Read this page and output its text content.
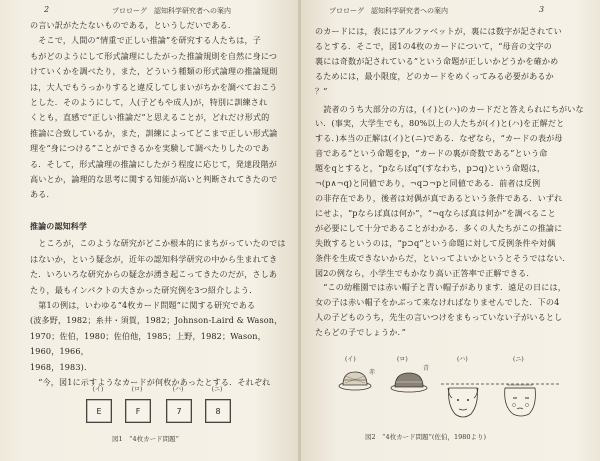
2	プロローグ　認知科学研究者への案内
の言い訳がたたないものである，というしだいである．
　そこで，人間の“情重で正しい推論”を研究する人たちは，子
もがどのようにして形式論理にしたがった推論規則を自然に身につ
けていくかを調べたり，また，どういう種類の形式論理の推論規則
は，大人でもうっかりすると違反してしまいがちかを調べておこう
とした．そのようにして，人(子どもや成人)が，特別に訓練され
くとも，直感で“正しい推論だ”と思えることが，どれだけ形式的
推論に合致しているか，また，訓練によってどこまで正しい形式論
理を“身につける”ことができるかを実験して調べたりしたのであ
る．そして，形式論理の推論にしたがう程度に応じて，発達段階が
高いとか，論理的な思考に関する知能が高いと判断されてきたので
ある．
推論の認知科学
　ところが，このような研究がどこか根本的にまちがっていたのでは
はないか，という疑念が，近年の認知科学研究の中から生まれてき
た．いろいろな研究からの疑念が湧き起こってきたのだが，さしあ
たり，最もインパクトの大きかった研究例を3つ紹介しよう．
　第1の例は，いわゆる“4枚カード問題”に関する研究である
(波多野，1982；糸井・須賀，1982；Johnson-Laird & Wason，
1970；佐伯，1980；佐伯他，1985；上野，1982；Wason，1960，1966，
1968，1983)．
　“今，図1に示すようなカードが何枚かあったとする．それぞれ
(イ)	(ロ)	(ハ)	(ニ)
E	F	7	8
図1　“4枚カード問題”
プロローグ　認知科学研究者への案内	3
のカードには，表にはアルファベットが，裏には数字が記されてい
るとする．そこで，図1の4枚のカードについて，“母音の文字の
裏には奇数が記されている”という命題が正しいかどうかを確かめ
るためには，最小限度，どのカードをめくってみる必要があるか
？”
　読者のうち大部分の方は，(イ)と(ハ)のカードだと答えられにちがいな
い．(事実，大学生でも，80%以上の人たちが(イ)と(ハ)を正解だと
する．)本当の正解は(イ)と(ニ)である．なぜなら，“カードの表が母
音である”という命題をp，“カードの裏が奇数である”という命
題をqとすると，“pならばq”(すなわち，p⊃q)という命題は，
¬(p∧¬q)と同値であり，¬q⊃¬pと同値である．前者は反例
の非存在であり，後者は対偶が真であるという条件である．いずれ
にせよ，“pならば真は何か”，“¬qならば真は何か”を調べること
が必要にして十分であることがわかる．多くの人たちがこの推論に
失敗するというのは，“p⊃q”という命題に対して反例条件や対偶
条件を生成できないからだ，といってよいかというとそうではない．
図2の例なら，小学生でもかなり高い正答率で正解できる．
　“この幼稚園では赤い帽子と青い帽子があります．遠足の日には，
女の子は赤い帽子をかぶって来なければなりませんでした．下の4
人の子どものうち，先生の言いつけをまもっていない子がいるとし
たらどの子でしょうか．”
(イ)	(ロ)	(ハ)	(ニ)
赤
青
図2　“4枚カード問題”(佐伯，1980より)
